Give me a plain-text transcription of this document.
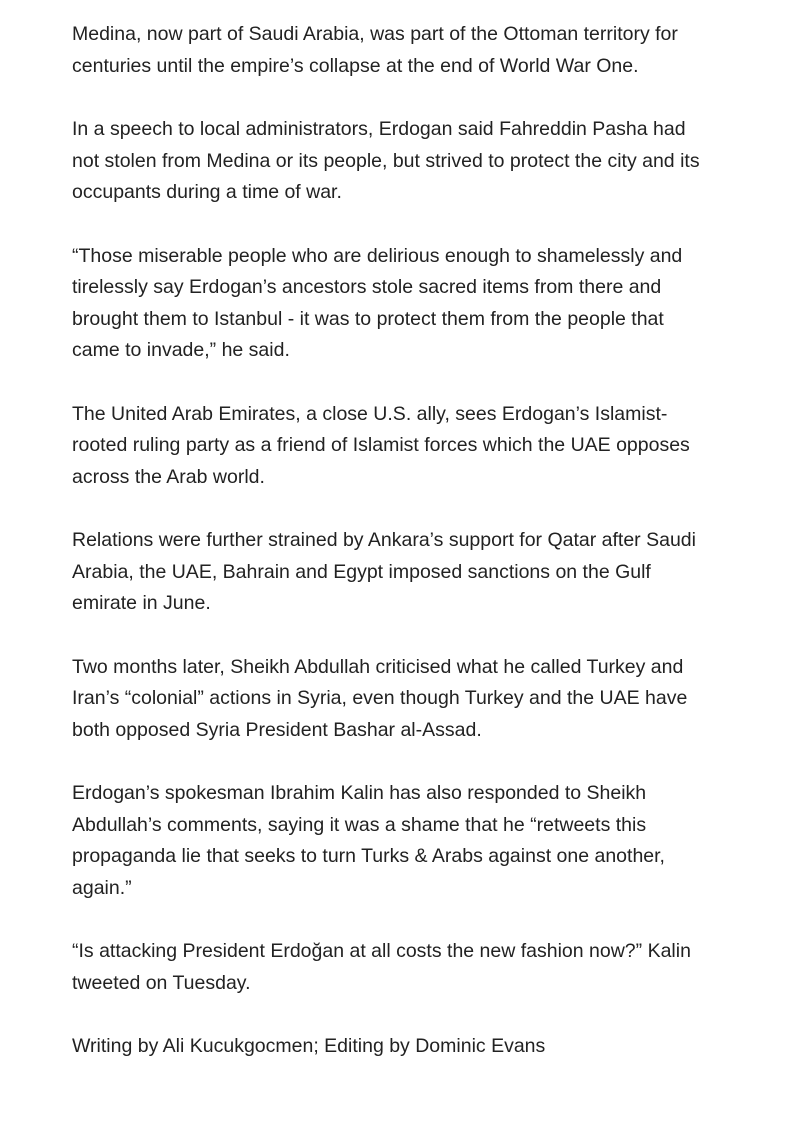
Medina, now part of Saudi Arabia, was part of the Ottoman territory for centuries until the empire’s collapse at the end of World War One.

In a speech to local administrators, Erdogan said Fahreddin Pasha had not stolen from Medina or its people, but strived to protect the city and its occupants during a time of war.

“Those miserable people who are delirious enough to shamelessly and tirelessly say Erdogan’s ancestors stole sacred items from there and brought them to Istanbul - it was to protect them from the people that came to invade,” he said.

The United Arab Emirates, a close U.S. ally, sees Erdogan’s Islamist-rooted ruling party as a friend of Islamist forces which the UAE opposes across the Arab world.

Relations were further strained by Ankara’s support for Qatar after Saudi Arabia, the UAE, Bahrain and Egypt imposed sanctions on the Gulf emirate in June.

Two months later, Sheikh Abdullah criticised what he called Turkey and Iran’s “colonial” actions in Syria, even though Turkey and the UAE have both opposed Syria President Bashar al-Assad.

Erdogan’s spokesman Ibrahim Kalin has also responded to Sheikh Abdullah’s comments, saying it was a shame that he “retweets this propaganda lie that seeks to turn Turks & Arabs against one another, again.”

“Is attacking President Erdoğan at all costs the new fashion now?” Kalin tweeted on Tuesday.

Writing by Ali Kucukgocmen; Editing by Dominic Evans
